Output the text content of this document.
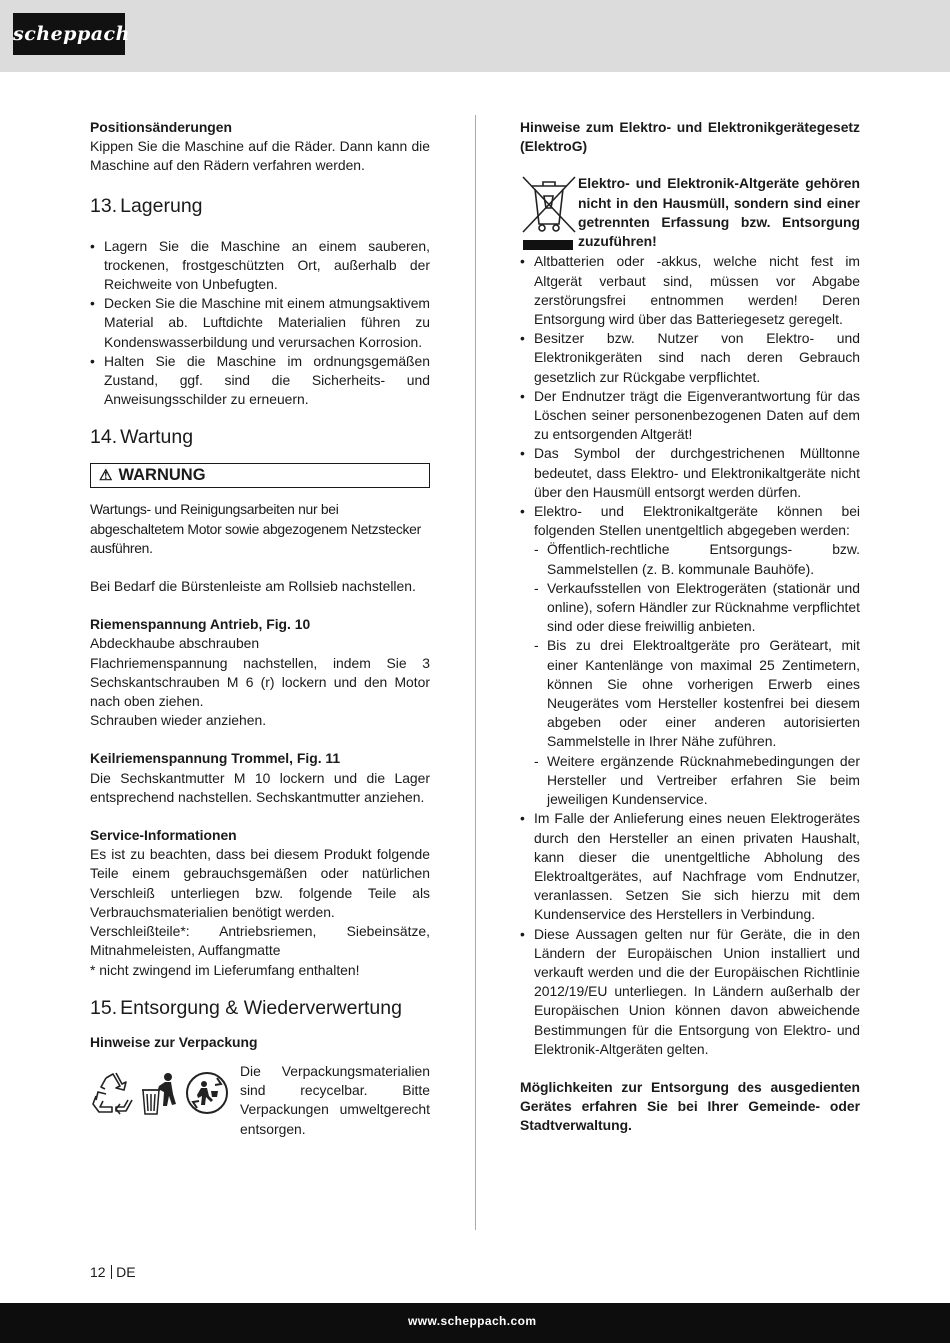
scheppach

Positionsänderungen

Kippen Sie die Maschine auf die Räder. Dann kann die Maschine auf den Rädern verfahren werden.

13. Lagerung
• Lagern Sie die Maschine an einem sauberen, trockenen, frostgeschützten Ort, außerhalb der Reichweite von Unbefugten.
• Decken Sie die Maschine mit einem atmungsaktivem Material ab. Luftdichte Materialien führen zu Kondenswasserbildung und verursachen Korrosion.
• Halten Sie die Maschine im ordnungsgemäßen Zustand, ggf. sind die Sicherheits- und Anweisungsschilder zu erneuern.
14. Wartung
⚠ WARNUNG

Wartungs- und Reinigungsarbeiten nur bei abgeschaltetem Motor sowie abgezogenem Netzstecker ausführen.

Bei Bedarf die Bürstenleiste am Rollsieb nachstellen.

Riemenspannung Antrieb, Fig. 10

Abdeckhaube abschrauben

Flachriemenspannung nachstellen, indem Sie 3 Sechskantschrauben M 6 (r) lockern und den Motor nach oben ziehen.

Schrauben wieder anziehen.

Keilriemenspannung Trommel, Fig. 11

Die Sechskantmutter M 10 lockern und die Lager entsprechend nachstellen. Sechskantmutter anziehen.

Service-Informationen

Es ist zu beachten, dass bei diesem Produkt folgende Teile einem gebrauchsgemäßen oder natürlichen Verschleiß unterliegen bzw. folgende Teile als Verbrauchsmaterialien benötigt werden.

Verschleißteile*: Antriebsriemen, Siebeinsätze, Mitnahmeleisten, Auffangmatte

* nicht zwingend im Lieferumfang enthalten!

15. Entsorgung & Wiederverwertung

Hinweise zur Verpackung

Die Verpackungsmaterialien sind recycelbar. Bitte Verpackungen umweltgerecht entsorgen.

Hinweise zum Elektro- und Elektronikgerätegesetz (ElektroG)

Elektro- und Elektronik-Altgeräte gehören nicht in den Hausmüll, sondern sind einer getrennten Erfassung bzw. Entsorgung zuzuführen!

• Altbatterien oder -akkus, welche nicht fest im Altgerät verbaut sind, müssen vor Abgabe zerstörungsfrei entnommen werden! Deren Entsorgung wird über das Batteriegesetz geregelt.
• Besitzer bzw. Nutzer von Elektro- und Elektronikgeräten sind nach deren Gebrauch gesetzlich zur Rückgabe verpflichtet.
• Der Endnutzer trägt die Eigenverantwortung für das Löschen seiner personenbezogenen Daten auf dem zu entsorgenden Altgerät!
• Das Symbol der durchgestrichenen Mülltonne bedeutet, dass Elektro- und Elektronikaltgeräte nicht über den Hausmüll entsorgt werden dürfen.
• Elektro- und Elektronikaltgeräte können bei folgenden Stellen unentgeltlich abgegeben werden:
- Öffentlich-rechtliche Entsorgungs- bzw. Sammelstellen (z. B. kommunale Bauhöfe).
- Verkaufsstellen von Elektrogeräten (stationär und online), sofern Händler zur Rücknahme verpflichtet sind oder diese freiwillig anbieten.
- Bis zu drei Elektroaltgeräte pro Geräteart, mit einer Kantenlänge von maximal 25 Zentimetern, können Sie ohne vorherigen Erwerb eines Neugerätes vom Hersteller kostenfrei bei diesem abgeben oder einer anderen autorisierten Sammelstelle in Ihrer Nähe zuführen.
- Weitere ergänzende Rücknahmebedingungen der Hersteller und Vertreiber erfahren Sie beim jeweiligen Kundenservice.
• Im Falle der Anlieferung eines neuen Elektrogerätes durch den Hersteller an einen privaten Haushalt, kann dieser die unentgeltliche Abholung des Elektroaltgerätes, auf Nachfrage vom Endnutzer, veranlassen. Setzen Sie sich hierzu mit dem Kundenservice des Herstellers in Verbindung.
• Diese Aussagen gelten nur für Geräte, die in den Ländern der Europäischen Union installiert und verkauft werden und die der Europäischen Richtlinie 2012/19/EU unterliegen. In Ländern außerhalb der Europäischen Union können davon abweichende Bestimmungen für die Entsorgung von Elektro- und Elektronik-Altgeräten gelten.

Möglichkeiten zur Entsorgung des ausgedienten Gerätes erfahren Sie bei Ihrer Gemeinde- oder Stadtverwaltung.

12 DE
www.scheppach.com
